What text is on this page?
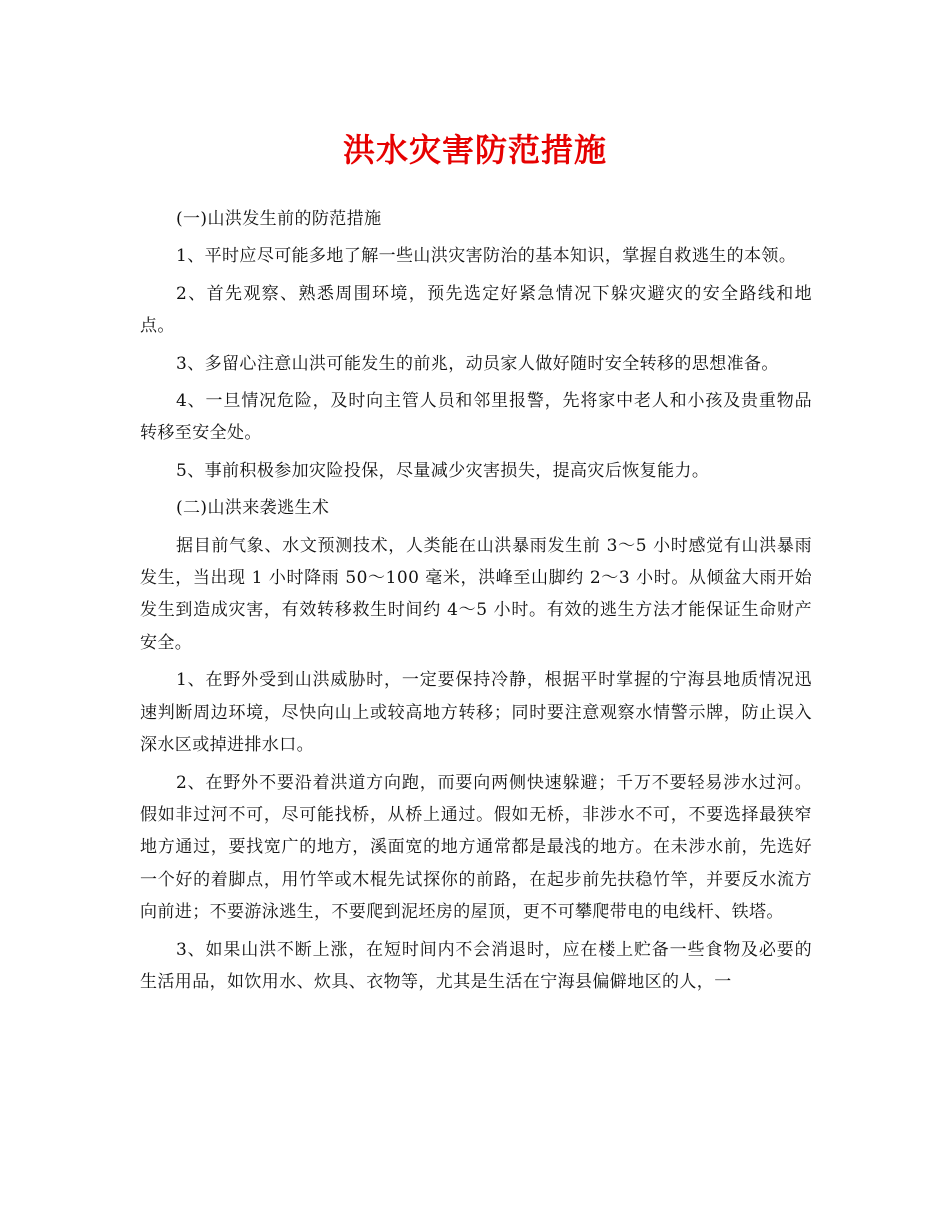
洪水灾害防范措施

(一)山洪发生前的防范措施

1、平时应尽可能多地了解一些山洪灾害防治的基本知识，掌握自救逃生的本领。

2、首先观察、熟悉周围环境，预先选定好紧急情况下躲灾避灾的安全路线和地点。

3、多留心注意山洪可能发生的前兆，动员家人做好随时安全转移的思想准备。

4、一旦情况危险，及时向主管人员和邻里报警，先将家中老人和小孩及贵重物品转移至安全处。

5、事前积极参加灾险投保，尽量减少灾害损失，提高灾后恢复能力。

(二)山洪来袭逃生术

据目前气象、水文预测技术，人类能在山洪暴雨发生前 3～5 小时感觉有山洪暴雨发生，当出现 1 小时降雨 50～100 毫米，洪峰至山脚约 2～3 小时。从倾盆大雨开始发生到造成灾害，有效转移救生时间约 4～5 小时。有效的逃生方法才能保证生命财产安全。

1、在野外受到山洪威胁时，一定要保持冷静，根据平时掌握的宁海县地质情况迅速判断周边环境，尽快向山上或较高地方转移；同时要注意观察水情警示牌，防止误入深水区或掉进排水口。

2、在野外不要沿着洪道方向跑，而要向两侧快速躲避；千万不要轻易涉水过河。假如非过河不可，尽可能找桥，从桥上通过。假如无桥，非涉水不可，不要选择最狭窄地方通过，要找宽广的地方，溪面宽的地方通常都是最浅的地方。在未涉水前，先选好一个好的着脚点，用竹竿或木棍先试探你的前路，在起步前先扶稳竹竿，并要反水流方向前进；不要游泳逃生，不要爬到泥坯房的屋顶，更不可攀爬带电的电线杆、铁塔。

3、如果山洪不断上涨，在短时间内不会消退时，应在楼上贮备一些食物及必要的生活用品，如饮用水、炊具、衣物等，尤其是生活在宁海县偏僻地区的人，一
